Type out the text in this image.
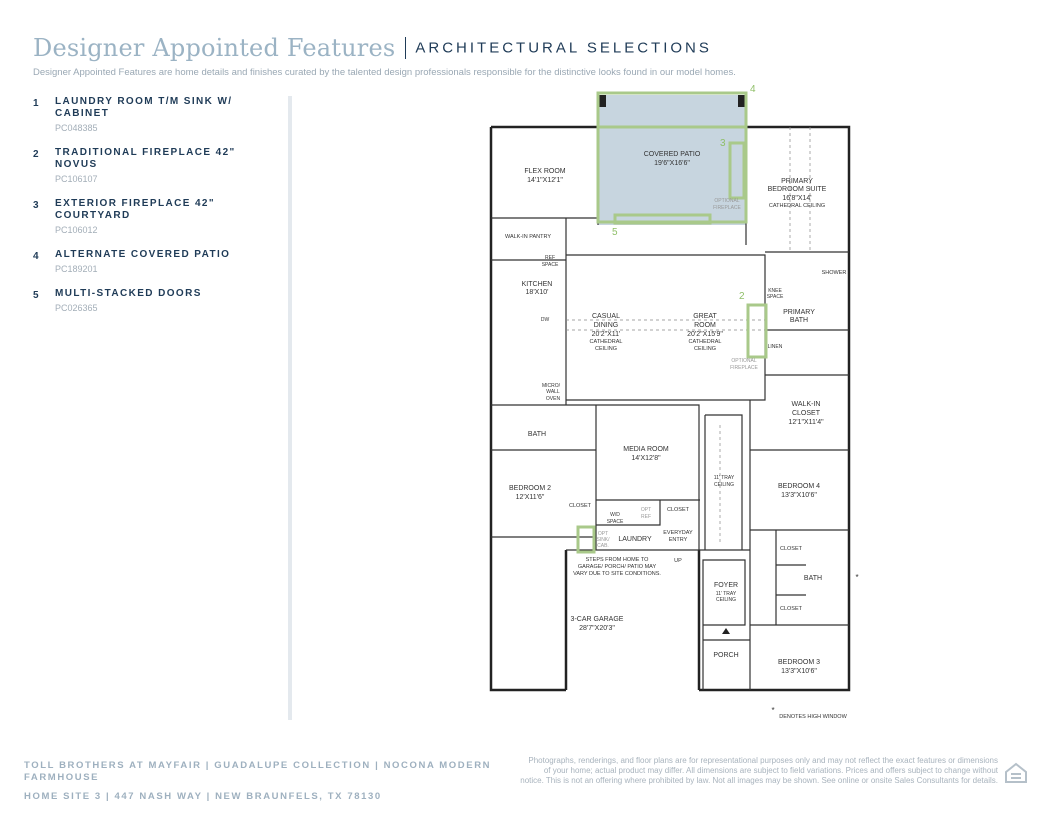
Designer Appointed Features ARCHITECTURAL SELECTIONS
Designer Appointed Features are home details and finishes curated by the talented design professionals responsible for the distinctive looks found in our model homes.
1 LAUNDRY ROOM T/M SINK W/ CABINET
PC048385
2 TRADITIONAL FIREPLACE 42" NOVUS
PC106107
3 EXTERIOR FIREPLACE 42" COURTYARD
PC106012
4 ALTERNATE COVERED PATIO
PC189201
5 MULTI-STACKED DOORS
PC026365
4
3
5
2
COVERED PATIO
19'6"X16'6"
FLEX ROOM
14'1"X12'1"	PRIMARY
BEDROOM SUITE
16'8"X14'
CATHEDRAL CEILING
WALK-IN PANTRY
REF
SPACE
KITCHEN
18'X10'
DW	CASUAL
DINING
20'2"X11'
CATHEDRAL
CEILING
GREAT
ROOM
20'2"X15'9"
CATHEDRAL
CEILING
SHOWER
KNEE
SPACE
PRIMARY
BATH
LINEN
MICRO/
WALL
OVEN
OPTIONAL
FIREPLACE
OPTIONAL
FIREPLACE
WALK-IN
CLOSET
12'1"X11'4"
BATH
MEDIA ROOM
14'X12'8"
11' TRAY
CEILING
BEDROOM 2
12'X11'6"
CLOSET
W/D
SPACE
OPT
REF
CLOSET
OPT
SINK/
CAB.
LAUNDRY
EVERYDAY
ENTRY
UP
BEDROOM 4
13'3"X10'6"
CLOSET
BATH
CLOSET
STEPS FROM HOME TO
GARAGE/ PORCH/ PATIO MAY
VARY DUE TO SITE CONDITIONS.
3-CAR GARAGE
28'7"X20'3"
FOYER
11' TRAY
CEILING
PORCH
BEDROOM 3
13'3"X10'6"
*
*
DENOTES HIGH WINDOW
TOLL BROTHERS AT MAYFAIR | GUADALUPE COLLECTION | NOCONA MODERN FARMHOUSE
HOME SITE 3 | 447 NASH WAY | NEW BRAUNFELS, TX 78130
Photographs, renderings, and floor plans are for representational purposes only and may not reflect the exact features or dimensions of your home; actual product may differ. All dimensions are subject to field variations. Prices and offers subject to change without notice. This is not an offering where prohibited by law. Not all images may be shown. See online or onsite Sales Consultants for details.
